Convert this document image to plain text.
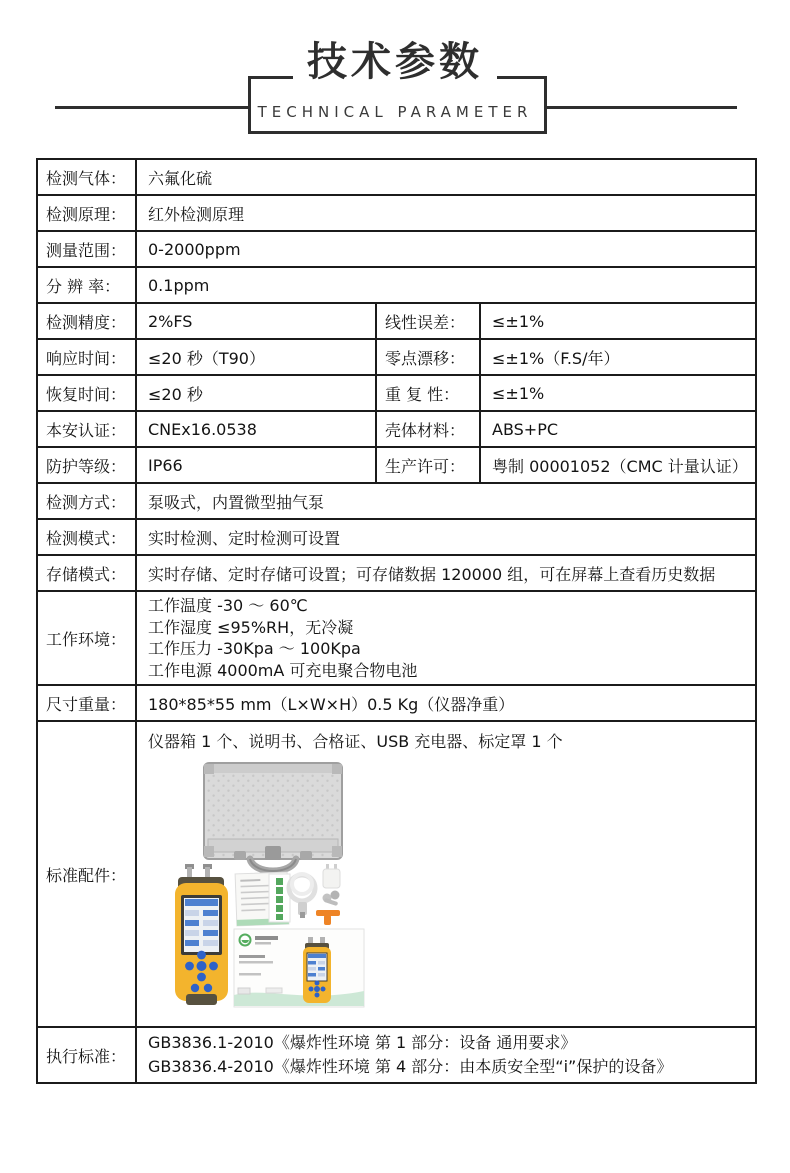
技术参数
TECHNICAL PARAMETER
检测气体：	六氟化硫		
检测原理：	红外检测原理		
测量范围：	0-2000ppm		
分 辨 率：	0.1ppm		
检测精度：	2%FS	线性误差：	≤±1%
响应时间：	≤20 秒（T90）	零点漂移：	≤±1%（F.S/年）
恢复时间：	≤20 秒	重 复 性：	≤±1%
本安认证：	CNEx16.0538	壳体材料：	ABS+PC
防护等级：	IP66	生产许可：	粤制 00001052（CMC 计量认证）
检测方式：	泵吸式，内置微型抽气泵		
检测模式：	实时检测、定时检测可设置		
存储模式：	实时存储、定时存储可设置；可存储数据 120000 组，可在屏幕上查看历史数据		
工作环境：	工作温度 -30 ～ 60℃
工作湿度 ≤95%RH，无冷凝
工作压力 -30Kpa ～ 100Kpa
工作电源 4000mA 可充电聚合物电池		

尺寸重量：	180*85*55 mm（L×W×H）0.5 Kg（仪器净重）		
标准配件：	仪器箱 1 个、说明书、合格证、USB 充电器、标定罩 1 个		

执行标准：	GB3836.1-2010《爆炸性环境 第 1 部分：设备 通用要求》
GB3836.4-2010《爆炸性环境 第 4 部分：由本质安全型“i”保护的设备》		
